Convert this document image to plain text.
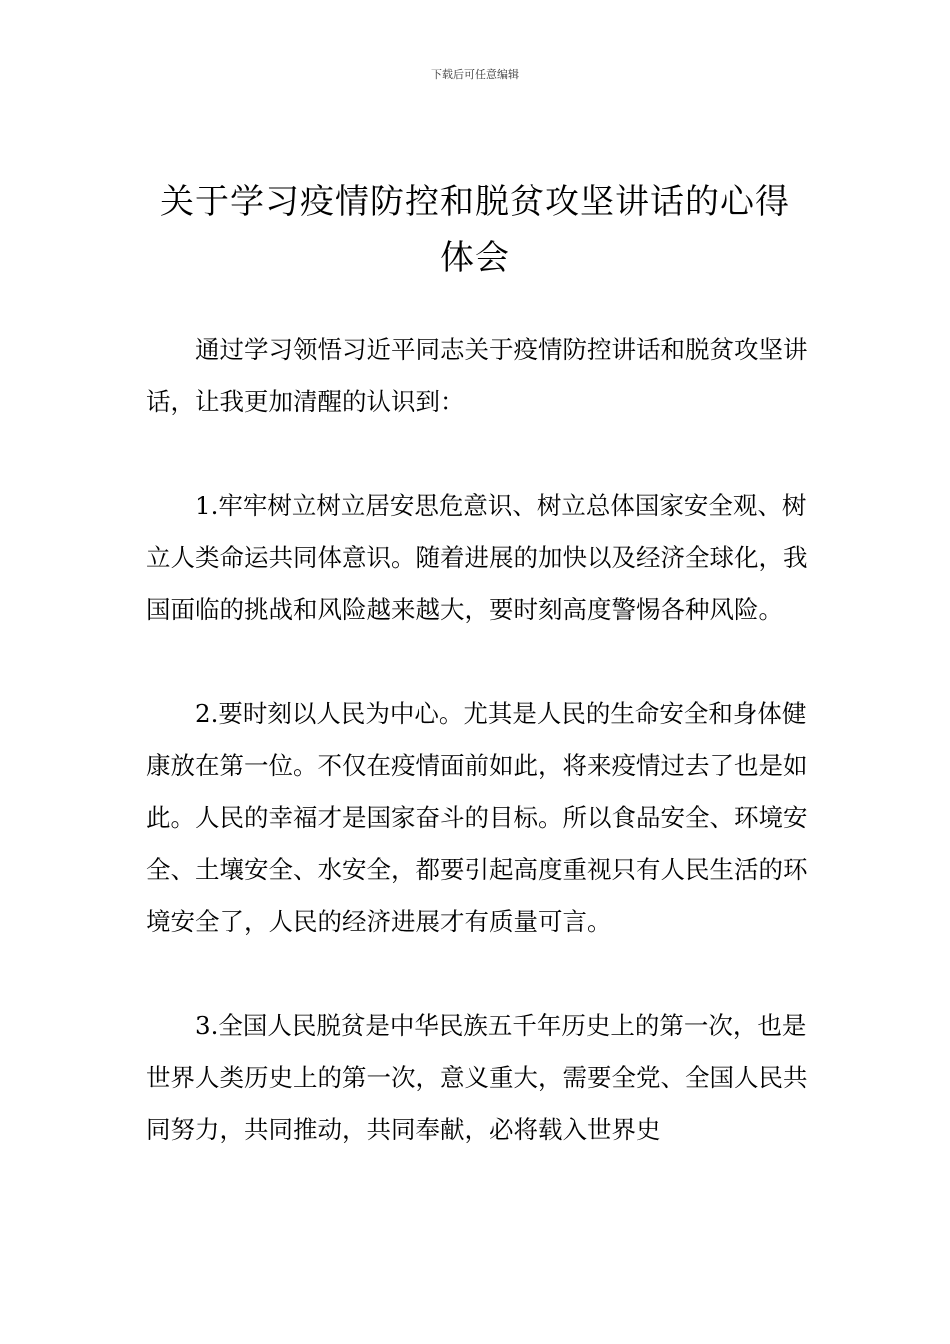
下载后可任意编辑
关于学习疫情防控和脱贫攻坚讲话的心得
体会

通过学习领悟习近平同志关于疫情防控讲话和脱贫攻坚讲话，让我更加清醒的认识到：

1.牢牢树立树立居安思危意识、树立总体国家安全观、树立人类命运共同体意识。随着进展的加快以及经济全球化，我国面临的挑战和风险越来越大，要时刻高度警惕各种风险。

2.要时刻以人民为中心。尤其是人民的生命安全和身体健康放在第一位。不仅在疫情面前如此，将来疫情过去了也是如此。人民的幸福才是国家奋斗的目标。所以食品安全、环境安全、土壤安全、水安全，都要引起高度重视只有人民生活的环境安全了，人民的经济进展才有质量可言。

3.全国人民脱贫是中华民族五千年历史上的第一次，也是世界人类历史上的第一次，意义重大，需要全党、全国人民共同努力，共同推动，共同奉献，必将载入世界史
